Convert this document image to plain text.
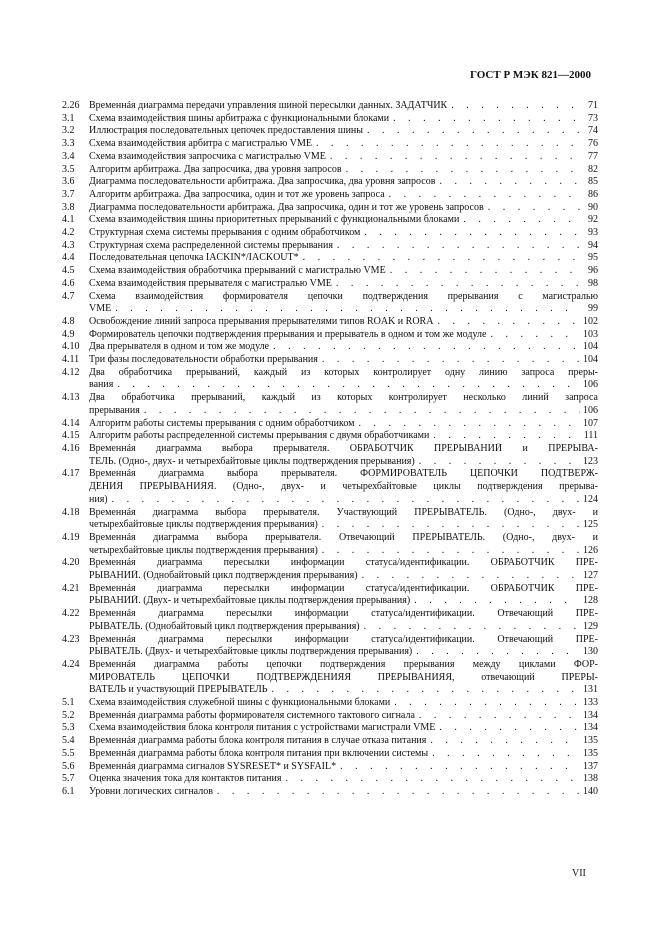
ГОСТ Р МЭК 821—2000
2.26 Временнáя диаграмма передачи управления шиной пересылки данных. ЗАДАТЧИК . . .	71
3.1 Схема взаимодействия шины арбитража с функциональными блоками . . .	73
3.2 Иллюстрация последовательных цепочек предоставления шины . . .	74
3.3 Схема взаимодействия арбитра с магистралью VME . . .	76
3.4 Схема взаимодействия запросчика с магистралью VME . . .	77
3.5 Алгоритм арбитража. Два запросчика, два уровня запросов . . .	82
3.6 Диаграмма последовательности арбитража. Два запросчика, два уровня запросов . . .	85
3.7 Алгоритм арбитража. Два запросчика, один и тот же уровень запроса . . .	86
3.8 Диаграмма последовательности арбитража. Два запросчика, один и тот же уровень запросов . . .	90
4.1 Схема взаимодействия шины приоритетных прерываний с функциональными блоками . . .	92
4.2 Структурная схема системы прерывания с одним обработчиком . . .	93
4.3 Структурная схема распределенной системы прерывания . . .	94
4.4 Последовательная цепочка IACKIN*/IACKOUT* . . .	95
4.5 Схема взаимодействия обработчика прерываний с магистралью VME . . .	96
4.6 Схема взаимодействия прерывателя с магистралью VME . . .	98
4.7 Схема взаимодействия формирователя цепочки подтверждения прерывания с магистралью
VME . . .	99
4.8 Освобождение линий запроса прерывания прерывателями типов ROAK и RORA . . .	102
4.9 Формирователь цепочки подтверждения прерывания и прерыватель в одном и том же модуле . . .	103
4.10 Два прерывателя в одном и том же модуле . . .	104
4.11 Три фазы последовательности обработки прерывания . . .	104
4.12 Два обработчика прерываний, каждый из которых контролирует одну линию запроса преры-
вания . . .	106
4.13 Два обработчика прерываний, каждый из которых контролирует несколько линий запроса
прерывания . . .	106
4.14 Алгоритм работы системы прерывания с одним обработчиком . . .	107
4.15 Алгоритм работы распределенной системы прерывания с двумя обработчиками . . .	111
4.16 Временнáя диаграмма выбора прерывателя. ОБРАБОТЧИК ПРЕРЫВАНИЙ и ПРЕРЫВА-
ТЕЛЬ. (Одно-, двух- и четырехбайтовые циклы подтверждения прерывания) . . .	123
4.17 Временнáя диаграмма выбора прерывателя. ФОРМИРОВАТЕЛЬ ЦЕПОЧКИ ПОДТВЕРЖ-
ДЕНИЯ ПРЕРЫВАНИЯЯ. (Одно-, двух- и четырехбайтовые циклы подтверждения прерыва-
ния) . . .	124
4.18 Временнáя диаграмма выбора прерывателя. Участвующий ПРЕРЫВАТЕЛЬ. (Одно-, двух- и
четырехбайтовые циклы подтверждения прерывания) . . .	125
4.19 Временнáя диаграмма выбора прерывателя. Отвечающий ПРЕРЫВАТЕЛЬ. (Одно-, двух- и
четырехбайтовые циклы подтверждения прерывания) . . .	126
4.20 Временнáя диаграмма пересылки информации статуса/идентификации. ОБРАБОТЧИК ПРЕ-
РЫВАНИЙ. (Однобайтовый цикл подтверждения прерывания) . . .	127
4.21 Временнáя диаграмма пересылки информации статуса/идентификации. ОБРАБОТЧИК ПРЕ-
РЫВАНИЙ. (Двух- и четырехбайтовые циклы подтверждения прерывания) . . .	128
4.22 Временнáя диаграмма пересылки информации статуса/идентификации. Отвечающий ПРЕ-
РЫВАТЕЛЬ. (Однобайтовый цикл подтверждения прерывания) . . .	129
4.23 Временнáя диаграмма пересылки информации статуса/идентификации. Отвечающий ПРЕ-
РЫВАТЕЛЬ. (Двух- и четырехбайтовые циклы подтверждения прерывания) . . .	130
4.24 Временнáя диаграмма работы цепочки подтверждения прерывания между циклами ФОР-
МИРОВАТЕЛЬ ЦЕПОЧКИ ПОДТВЕРЖДЕНИЯЯ ПРЕРЫВАНИЯЯ, отвечающий ПРЕРЫ-
ВАТЕЛЬ и участвующий ПРЕРЫВАТЕЛЬ . . .	131
5.1 Схема взаимодействия служебной шины с функциональными блоками . . .	133
5.2 Временнáя диаграмма работы формирователя системного тактового сигнала . . .	134
5.3 Схема взаимодействия блока контроля питания с устройствами магистрали VME . . .	134
5.4 Временнáя диаграмма работы блока контроля питания в случае отказа питания . . .	135
5.5 Временнáя диаграмма работы блока контроля питания при включении системы . . .	135
5.6 Временнáя диаграмма сигналов SYSRESET* и SYSFAIL* . . .	137
5.7 Оценка значения тока для контактов питания . . .	138
6.1 Уровни логических сигналов . . .	140
VII
